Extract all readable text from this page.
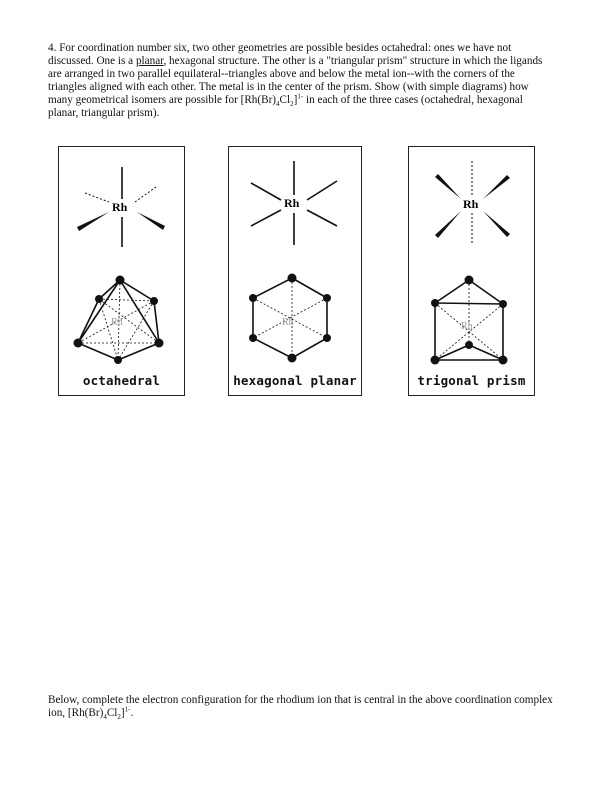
4. For coordination number six, two other geometries are possible besides octahedral: ones we have not discussed. One is a planar, hexagonal structure. The other is a "triangular prism" structure in which the ligands are arranged in two parallel equilateral--triangles above and below the metal ion--with the corners of the triangles aligned with each other. The metal is in the center of the prism. Show (with simple diagrams) how many geometrical isomers are possible for $[Rh(Br)_4Cl_2]^{1-}$ in each of the three cases (octahedral, hexagonal planar, triangular prism).
Rh
Rh
octahedral
Rh
Rh
hexagonal planar
Rh
Rh
trigonal prism
Below, complete the electron configuration for the rhodium ion that is central in the above coordination complex ion, $[Rh(Br)_4Cl_2]^{1-}$.
